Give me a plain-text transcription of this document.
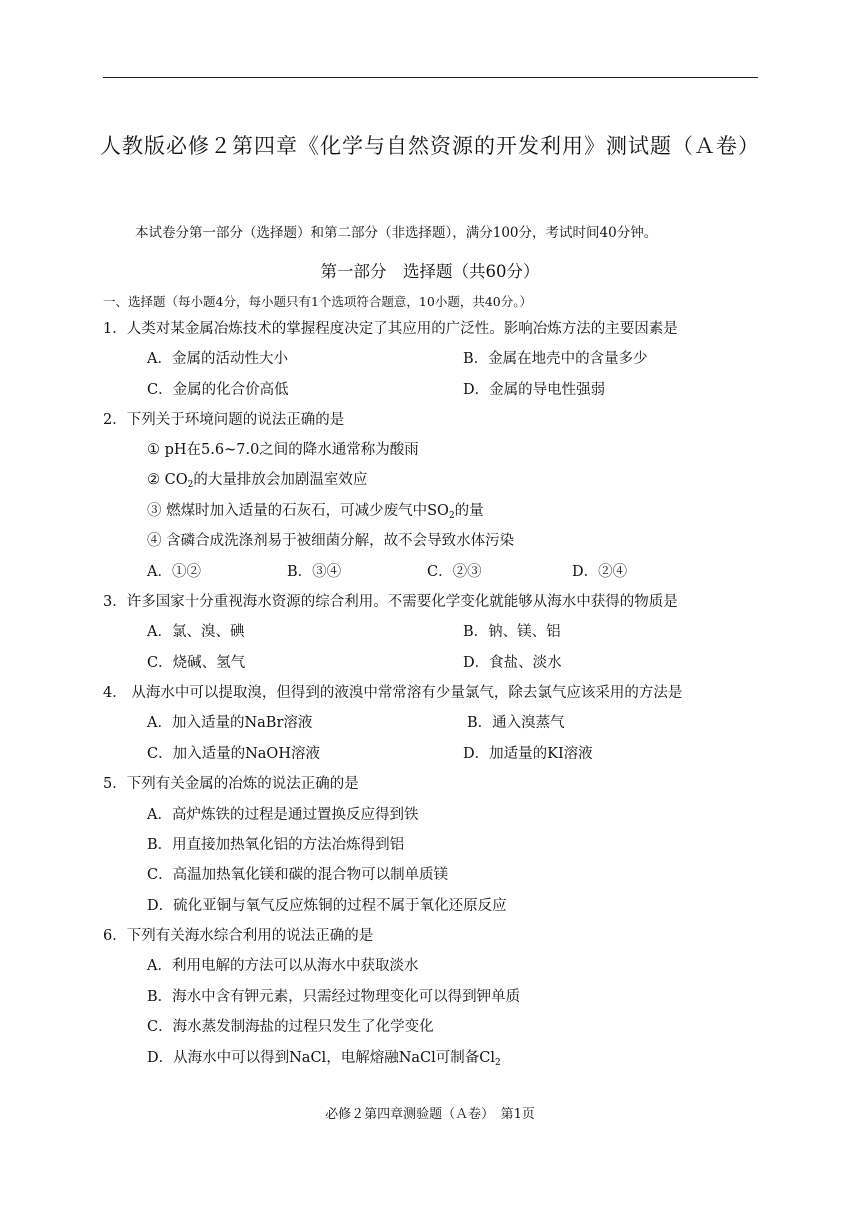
人教版必修２第四章《化学与自然资源的开发利用》测试题（Ａ卷）
本试卷分第一部分（选择题）和第二部分（非选择题），满分100分，考试时间40分钟。
第一部分　选择题（共60分）
一、选择题（每小题4分，每小题只有1个选项符合题意，10小题，共40分。）
1．人类对某金属冶炼技术的掌握程度决定了其应用的广泛性。影响冶炼方法的主要因素是
A．金属的活动性大小	B．金属在地壳中的含量多少
C．金属的化合价高低	D．金属的导电性强弱
2．下列关于环境问题的说法正确的是
① pH在5.6~7.0之间的降水通常称为酸雨
② $CO_2$的大量排放会加剧温室效应
③ 燃煤时加入适量的石灰石，可减少废气中$SO_2$的量
④ 含磷合成洗涤剂易于被细菌分解，故不会导致水体污染
A．①②	B．③④	C．②③	D．②④
3．许多国家十分重视海水资源的综合利用。不需要化学变化就能够从海水中获得的物质是
A．氯、溴、碘	B．钠、镁、铝
C．烧碱、氢气	D．食盐、淡水
4． 从海水中可以提取溴，但得到的液溴中常常溶有少量氯气，除去氯气应该采用的方法是
A．加入适量的NaBr溶液	B．通入溴蒸气
C．加入适量的NaOH溶液	D．加适量的KI溶液
5．下列有关金属的冶炼的说法正确的是
A．高炉炼铁的过程是通过置换反应得到铁
B．用直接加热氧化铝的方法冶炼得到铝
C．高温加热氧化镁和碳的混合物可以制单质镁
D．硫化亚铜与氧气反应炼铜的过程不属于氧化还原反应
6．下列有关海水综合利用的说法正确的是
A．利用电解的方法可以从海水中获取淡水
B．海水中含有钾元素，只需经过物理变化可以得到钾单质
C．海水蒸发制海盐的过程只发生了化学变化
D．从海水中可以得到NaCl，电解熔融NaCl可制备$Cl_2$
必修２第四章测验题（Ａ卷）　第1页
